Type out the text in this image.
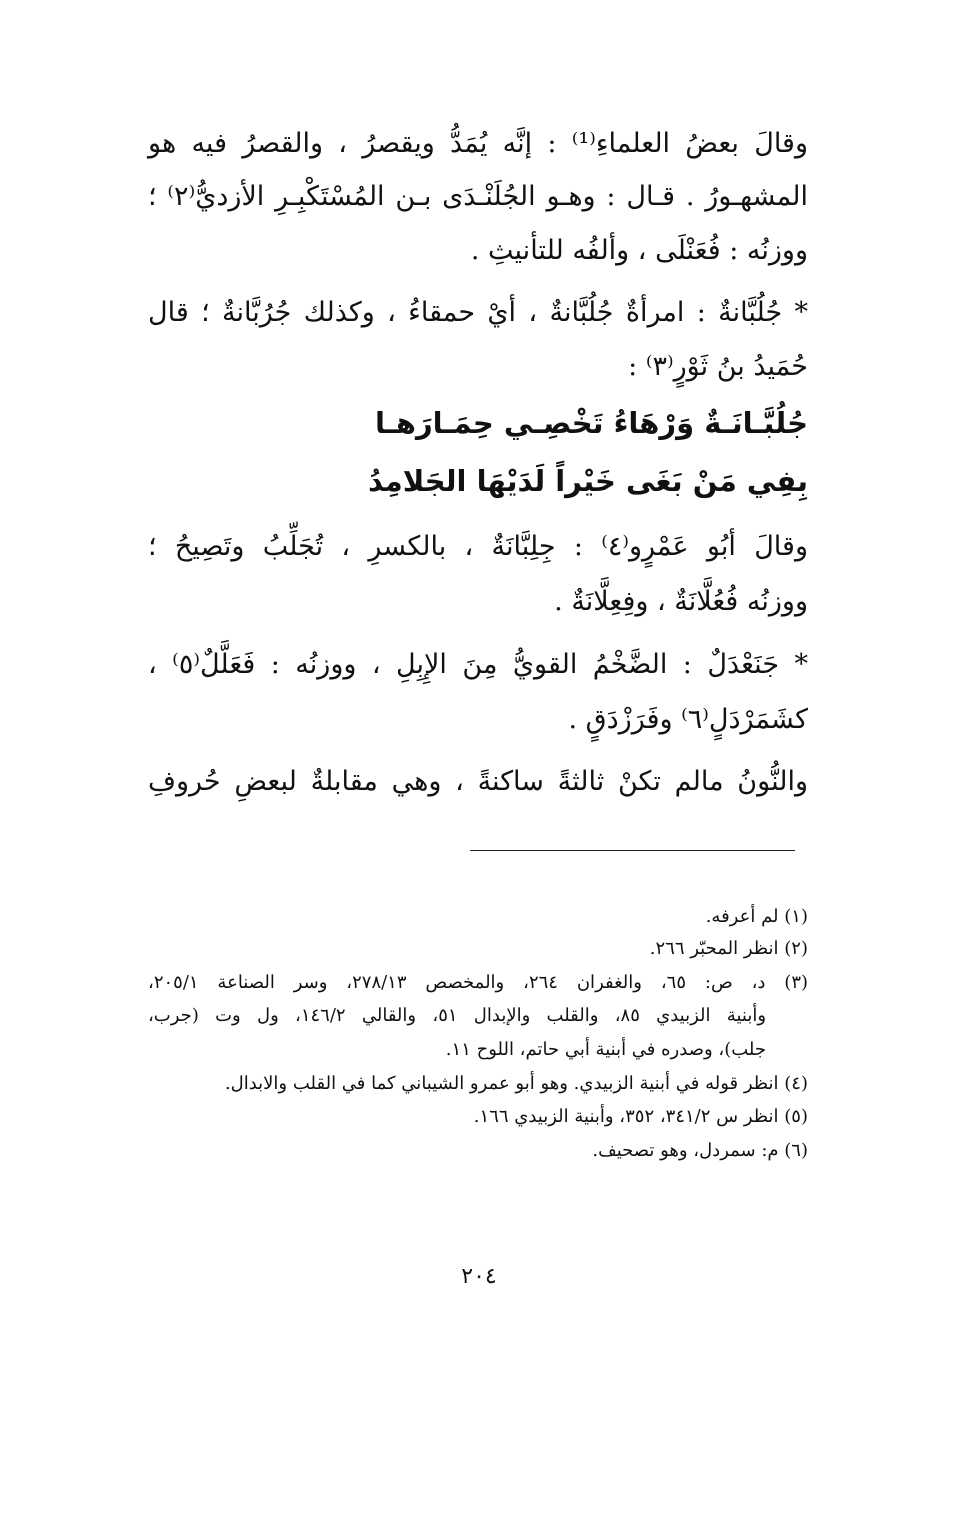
وقالَ بعضُ العلماءِ⁽¹⁾ : إنَّه يُمَدُّ ويقصرُ ، والقصرُ فيه هو
المشهـورُ . قـال : وهـو الجُلَنْـدَى بـن المُسْتَكْبِـرِ الأزديُّ⁽٢⁾ ؛
ووزنُه : فُعَنْلَى ، وألفُه للتأنيثِ .
* جُلُبَّانةٌ : امرأةٌ جُلُبَّانةٌ ، أيْ حمقاءُ ، وكذلك جُرُبَّانةٌ ؛ قال
حُمَيدُ بنُ ثَوْرٍ⁽٣⁾ :
جُلُبَّـانَـةٌ وَرْهَاءُ تَخْصِـي حِمَـارَهـا
بِفِي مَنْ بَغَى خَيْراً لَدَيْهَا الجَلامِدُ
وقالَ أبُو عَمْرٍو⁽٤⁾ : جِلِبَّانَةٌ ، بالكسرِ ، تُجَلِّبُ وتَصِيحُ ؛
ووزنُه فُعُلَّانَةٌ ، وفِعِلَّانَةٌ .
* جَنَعْدَلٌ : الضَّخْمُ القويُّ مِنَ الإِبِلِ ، ووزنُه : فَعَلَّلٌ⁽٥⁾ ،
كشَمَرْدَلٍ⁽٦⁾ وفَرَزْدَقٍ .
والنُّونُ مالم تكنْ ثالثةً ساكنةً ، وهي مقابلةٌ لبعضِ حُروفِ
(١) لم أعرفه.
(٢) انظر المحبّر ٢٦٦.
(٣) د، ص: ٦٥، والغفران ٢٦٤، والمخصص ٢٧٨/١٣، وسر الصناعة ٢٠٥/١،
وأبنية الزبيدي ٨٥، والقلب والإبدال ٥١، والقالي ١٤٦/٢، ول وت (جرب،
جلب)، وصدره في أبنية أبي حاتم، اللوح ١١.
(٤) انظر قوله في أبنية الزبيدي. وهو أبو عمرو الشيباني كما في القلب والابدال.
(٥) انظر س ٣٤١/٢، ٣٥٢، وأبنية الزبيدي ١٦٦.
(٦) م: سمردل، وهو تصحيف.
٢٠٤
